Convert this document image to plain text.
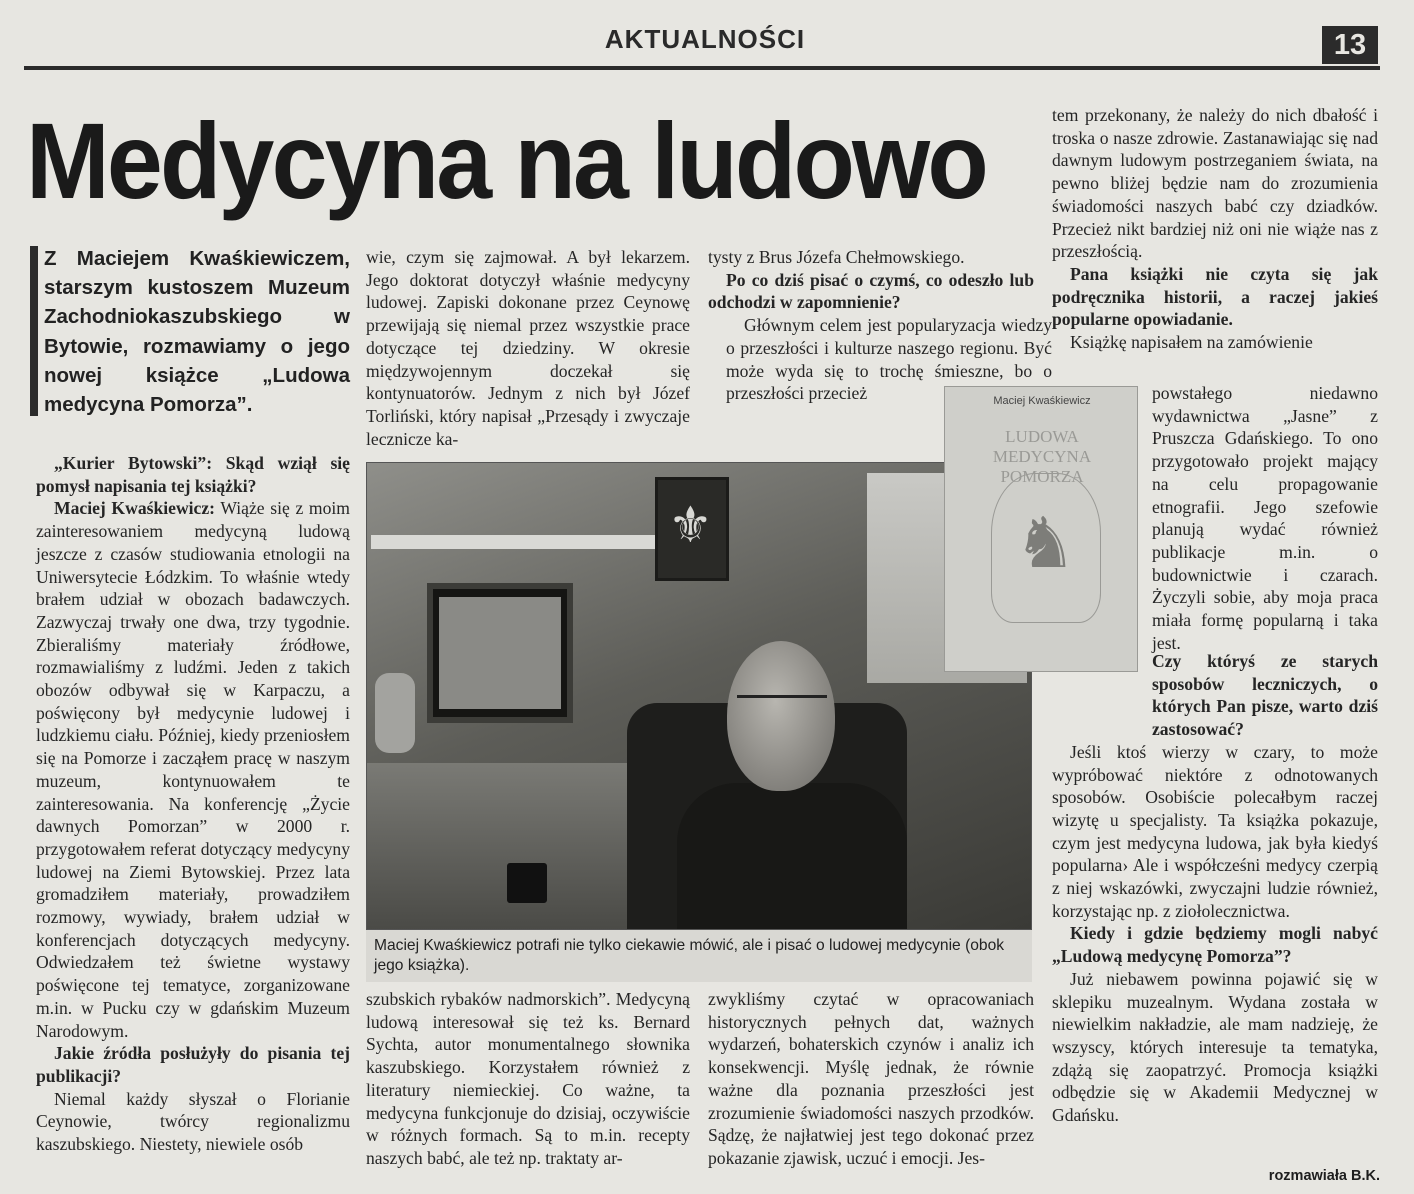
AKTUALNOŚCI	13
Medycyna na ludowo
Z Maciejem Kwaśkiewiczem, starszym kustoszem Muzeum Zachodniokaszubskiego w Bytowie, rozmawiamy o jego nowej książce „Ludowa medycyna Pomorza”.

„Kurier Bytowski”: Skąd wziął się pomysł napisania tej książki?

Maciej Kwaśkiewicz: Wiąże się z moim zainteresowaniem medycyną ludową jeszcze z czasów studiowania etnologii na Uniwersytecie Łódzkim. To właśnie wtedy brałem udział w obozach badawczych. Zazwyczaj trwały one dwa, trzy tygodnie. Zbieraliśmy materiały źródłowe, rozmawialiśmy z ludźmi. Jeden z takich obozów odbywał się w Karpaczu, a poświęcony był medycynie ludowej i ludzkiemu ciału. Później, kiedy przeniosłem się na Pomorze i zacząłem pracę w naszym muzeum, kontynuowałem te zainteresowania. Na konferencję „Życie dawnych Pomorzan” w 2000 r. przygotowałem referat dotyczący medycyny ludowej na Ziemi Bytowskiej. Przez lata gromadziłem materiały, prowadziłem rozmowy, wywiady, brałem udział w konferencjach dotyczących medycyny. Odwiedzałem też świetne wystawy poświęcone tej tematyce, zorganizowane m.in. w Pucku czy w gdańskim Muzeum Narodowym.

Jakie źródła posłużyły do pisania tej publikacji?

Niemal każdy słyszał o Florianie Ceynowie, twórcy regionalizmu kaszubskiego. Niestety, niewiele osób

wie, czym się zajmował. A był lekarzem. Jego doktorat dotyczył właśnie medycyny ludowej. Zapiski dokonane przez Ceynowę przewijają się niemal przez wszystkie prace dotyczące tej dziedziny. W okresie międzywojennym doczekał się kontynuatorów. Jednym z nich był Józef Torliński, który napisał „Przesądy i zwyczaje lecznicze ka-

tysty z Brus Józefa Chełmowskiego.

Po co dziś pisać o czymś, co odeszło lub odchodzi w zapomnienie?

Głównym celem jest popularyzacja wiedzy o przeszłości i kulturze naszego regionu. Być może wyda się to trochę śmieszne, bo o przeszłości przecież

⚜
Maciej Kwaśkiewicz potrafi nie tylko ciekawie mówić, ale i pisać o ludowej medycynie (obok jego książka).

szubskich rybaków nadmorskich”. Medycyną ludową interesował się też ks. Bernard Sychta, autor monumentalnego słownika kaszubskiego. Korzystałem również z literatury niemieckiej. Co ważne, ta medycyna funkcjonuje do dzisiaj, oczywiście w różnych formach. Są to m.in. recepty naszych babć, ale też np. traktaty ar-

zwykliśmy czytać w opracowaniach historycznych pełnych dat, ważnych wydarzeń, bohaterskich czynów i analiz ich konsekwencji. Myślę jednak, że równie ważne dla poznania przeszłości jest zrozumienie świadomości naszych przodków. Sądzę, że najłatwiej jest tego dokonać przez pokazanie zjawisk, uczuć i emocji. Jes-

Maciej Kwaśkiewicz
LUDOWA MEDYCYNA POMORZA
♞

tem przekonany, że należy do nich dbałość i troska o nasze zdrowie. Zastanawiając się nad dawnym ludowym postrzeganiem świata, na pewno bliżej będzie nam do zrozumienia świadomości naszych babć czy dziadków. Przecież nikt bardziej niż oni nie wiąże nas z przeszłością.

Pana książki nie czyta się jak podręcznika historii, a raczej jakieś popularne opowiadanie.

Książkę napisałem na zamówienie

powstałego niedawno wydawnictwa „Jasne” z Pruszcza Gdańskiego. To ono przygotowało projekt mający na celu propagowanie etnografii. Jego szefowie planują wydać również publikacje m.in. o budownictwie i czarach. Życzyli sobie, aby moja praca miała formę popularną i taka jest.

Czy któryś ze starych sposobów leczniczych, o których Pan pisze, warto dziś zastosować?

Jeśli ktoś wierzy w czary, to może wypróbować niektóre z odnotowanych sposobów. Osobiście polecałbym raczej wizytę u specjalisty. Ta książka pokazuje, czym jest medycyna ludowa, jak była kiedyś popularna› Ale i współcześni medycy czerpią z niej wskazówki, zwyczajni ludzie również, korzystając np. z ziołolecznictwa.

Kiedy i gdzie będziemy mogli nabyć „Ludową medycynę Pomorza”?

Już niebawem powinna pojawić się w sklepiku muzealnym. Wydana została w niewielkim nakładzie, ale mam nadzieję, że wszyscy, których interesuje ta tematyka, zdążą się zaopatrzyć. Promocja książki odbędzie się w Akademii Medycznej w Gdańsku.

rozmawiała B.K.
